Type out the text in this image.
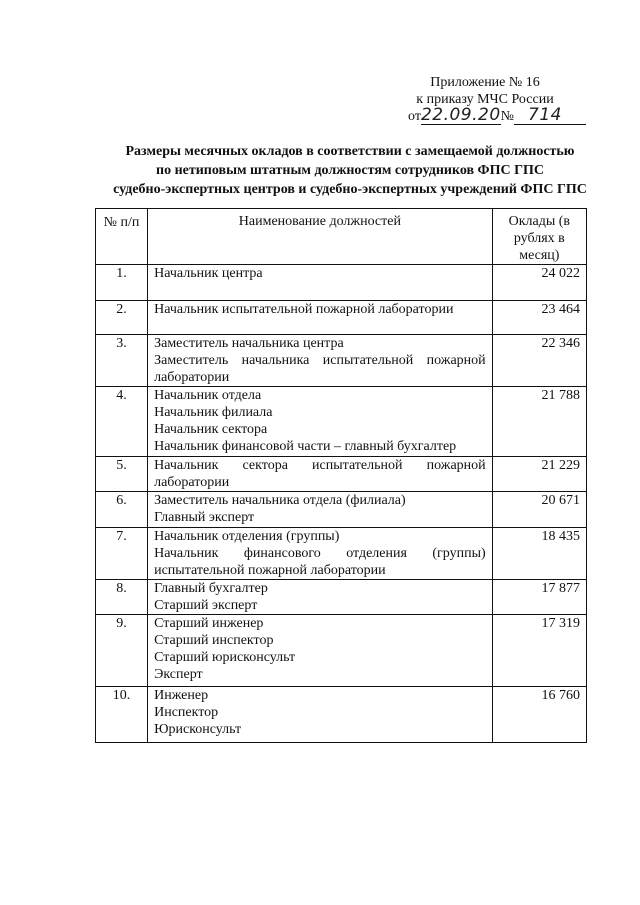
Приложение № 16
к приказу МЧС России
от22.09.20№ 714
Размеры месячных окладов в соответствии с замещаемой должностью
по нетиповым штатным должностям сотрудников ФПС ГПС
судебно-экспертных центров и судебно-экспертных учреждений ФПС ГПС
№ п/п	Наименование должностей	Оклады (в рублях в месяц)
1.	Начальник центра	24 022
2.	Начальник испытательной пожарной лаборатории	23 464
3.	Заместитель начальника центра
Заместитель начальника испытательной пожарной лаборатории	22 346
4.	Начальник отдела
Начальник филиала
Начальник сектора
Начальник финансовой части – главный бухгалтер	21 788
5.	Начальник сектора испытательной пожарной лаборатории	21 229
6.	Заместитель начальника отдела (филиала)
Главный эксперт	20 671
7.	Начальник отделения (группы)
Начальник финансового отделения (группы) испытательной пожарной лаборатории	18 435
8.	Главный бухгалтер
Старший эксперт	17 877
9.	Старший инженер
Старший инспектор
Старший юрисконсульт
Эксперт	17 319
10.	Инженер
Инспектор
Юрисконсульт	16 760
